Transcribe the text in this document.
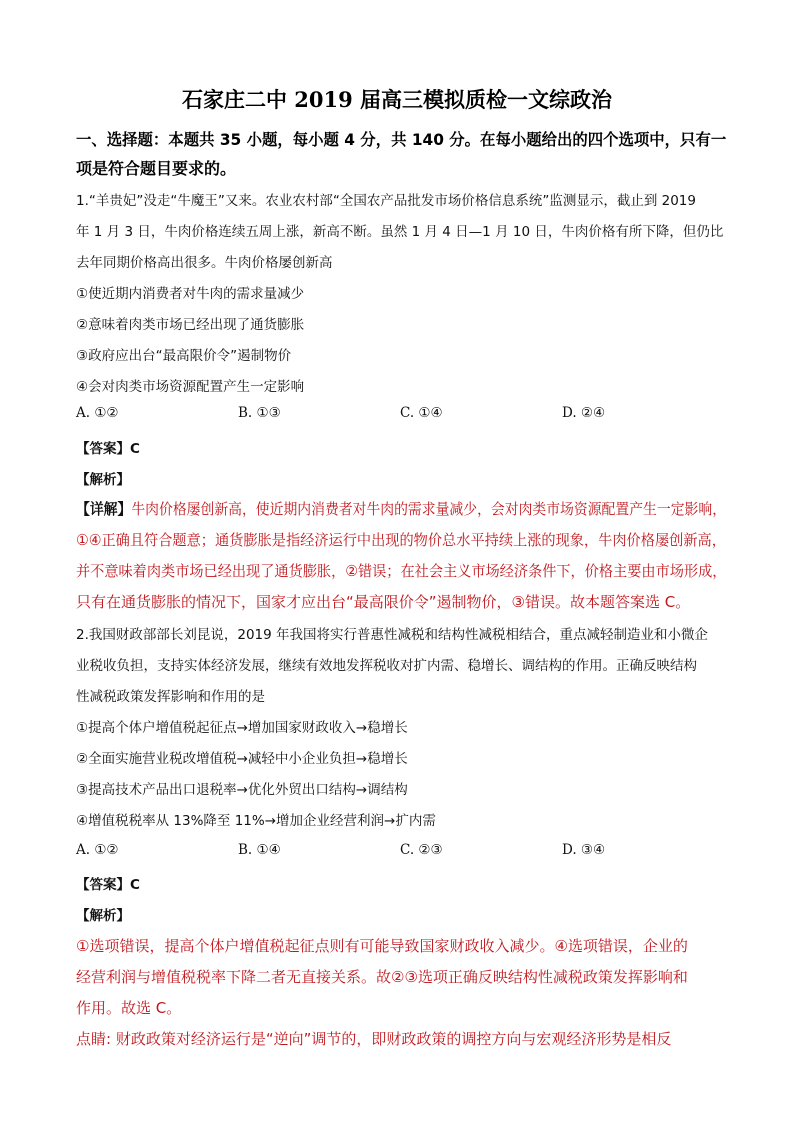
石家庄二中 2019 届高三模拟质检一文综政治
一、选择题：本题共 35 小题，每小题 4 分，共 140 分。在每小题给出的四个选项中，只有一
项是符合题目要求的。
1.“羊贵妃”没走“牛魔王”又来。农业农村部“全国农产品批发市场价格信息系统”监测显示，截止到 2019
年 1 月 3 日，牛肉价格连续五周上涨，新高不断。虽然 1 月 4 日—1 月 10 日，牛肉价格有所下降，但仍比
去年同期价格高出很多。牛肉价格屡创新高
①使近期内消费者对牛肉的需求量减少
②意味着肉类市场已经出现了通货膨胀
③政府应出台“最高限价令”遏制物价
④会对肉类市场资源配置产生一定影响
A. ①②	B. ①③	C. ①④	D. ②④
【答案】C
【解析】
【详解】牛肉价格屡创新高，使近期内消费者对牛肉的需求量减少，会对肉类市场资源配置产生一定影响，
①④正确且符合题意；通货膨胀是指经济运行中出现的物价总水平持续上涨的现象，牛肉价格屡创新高，
并不意味着肉类市场已经出现了通货膨胀，②错误；在社会主义市场经济条件下，价格主要由市场形成，
只有在通货膨胀的情况下，国家才应出台“最高限价令”遏制物价，③错误。故本题答案选 C。
2.我国财政部部长刘昆说，2019 年我国将实行普惠性减税和结构性减税相结合，重点减轻制造业和小微企
业税收负担，支持实体经济发展，继续有效地发挥税收对扩内需、稳增长、调结构的作用。正确反映结构
性减税政策发挥影响和作用的是
①提高个体户增值税起征点→增加国家财政收入→稳增长
②全面实施营业税改增值税→减轻中小企业负担→稳增长
③提高技术产品出口退税率→优化外贸出口结构→调结构
④增值税税率从 13%降至 11%→增加企业经营利润→扩内需
A. ①②	B. ①④	C. ②③	D. ③④
【答案】C
【解析】
①选项错误，提高个体户增值税起征点则有可能导致国家财政收入减少。④选项错误，企业的
经营利润与增值税税率下降二者无直接关系。故②③选项正确反映结构性减税政策发挥影响和
作用。故选 C。
点睛: 财政政策对经济运行是“逆向”调节的，即财政政策的调控方向与宏观经济形势是相反
